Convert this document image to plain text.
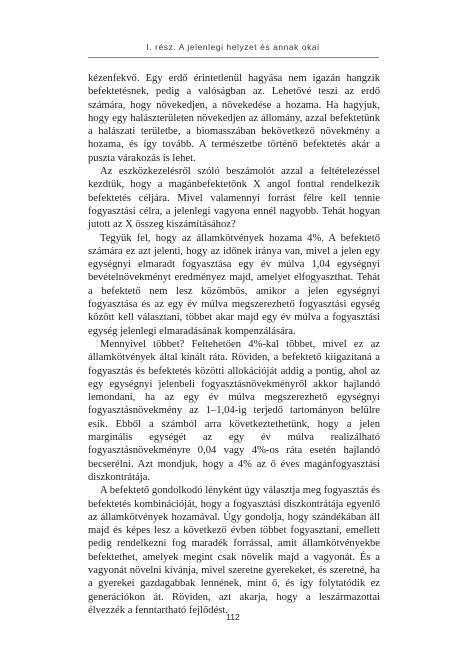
I. rész. A jelenlegi helyzet és annak okai

kézenfekvő. Egy erdő érintetlenül hagyása nem igazán hangzik befektetésnek, pedig a valóságban az. Lehetővé teszi az erdő számára, hogy növekedjen, a növekedése a hozama. Ha hagyjuk, hogy egy halászterületen növekedjen az állomány, azzal befektetünk a halászati területbe, a biomasszában bekövetkező növekmény a hozama, és így tovább. A természetbe történő befektetés akár a puszta várakozás is lehet.

Az eszközkezelésről szóló beszámolót azzal a feltételezéssel kezdtük, hogy a magánbefektetőnk X angol fonttal rendelkezik befektetés céljára. Mivel valamennyi forrást félre kell tennie fogyasztási célra, a jelenlegi vagyona ennél nagyobb. Tehát hogyan jutott az X összeg kiszámításához?

Tegyük fel, hogy az államkötvények hozama 4%. A befektető számára ez azt jelenti, hogy az időnek iránya van, mivel a jelen egy egységnyi elmaradt fogyasztása egy év múlva 1,04 egységnyi bevételnövekményt eredményez majd, amelyet elfogyaszthat. Tehát a befektető nem lesz közömbös, amikor a jelen egységnyi fogyasztása és az egy év múlva megszerezhető fogyasztási egység között kell választani, többet akar majd egy év múlva a fogyasztási egység jelenlegi elmaradásának kompenzálására.

Mennyivel többet? Feltehetően 4%-kal többet, mivel ez az államkötvények által kínált ráta. Röviden, a befektető kiigazítaná a fogyasztás és befektetés közötti allokációját addig a pontig, ahol az egy egységnyi jelenbeli fogyasztásnövekményről akkor hajlandó lemondani, ha az egy év múlva megszerezhető egységnyi fogyasztásnövekmény az 1–1,04-ig terjedő tartományon belülre esik. Ebből a számból arra következtethetünk, hogy a jelen marginális egységét az egy év múlva realizálható fogyasztásnövekményre 0,04 vagy 4%-os ráta esetén hajlandó becserélni. Azt mondjuk, hogy a 4% az ő éves magánfogyasztási diszkontrátája.

A befektető gondolkodó lényként úgy választja meg fogyasztás és befektetés kombinációját, hogy a fogyasztási diszkontrátája egyenlő az államkötvények hozamával. Úgy gondolja, hogy szándékában áll majd és képes lesz a következő évben többet fogyasztani, emellett pedig rendelkezni fog maradék forrással, amit államkötvényekbe befektethet, amelyek megint csak növelik majd a vagyonát. És a vagyonát növelni kívánja, mivel szeretne gyerekeket, és szeretné, ha a gyerekei gazdagabbak lennének, mint ő, és így folytatódik ez generációkon át. Röviden, azt akarja, hogy a leszármazottai élvezzék a fenntartható fejlődést.

112
